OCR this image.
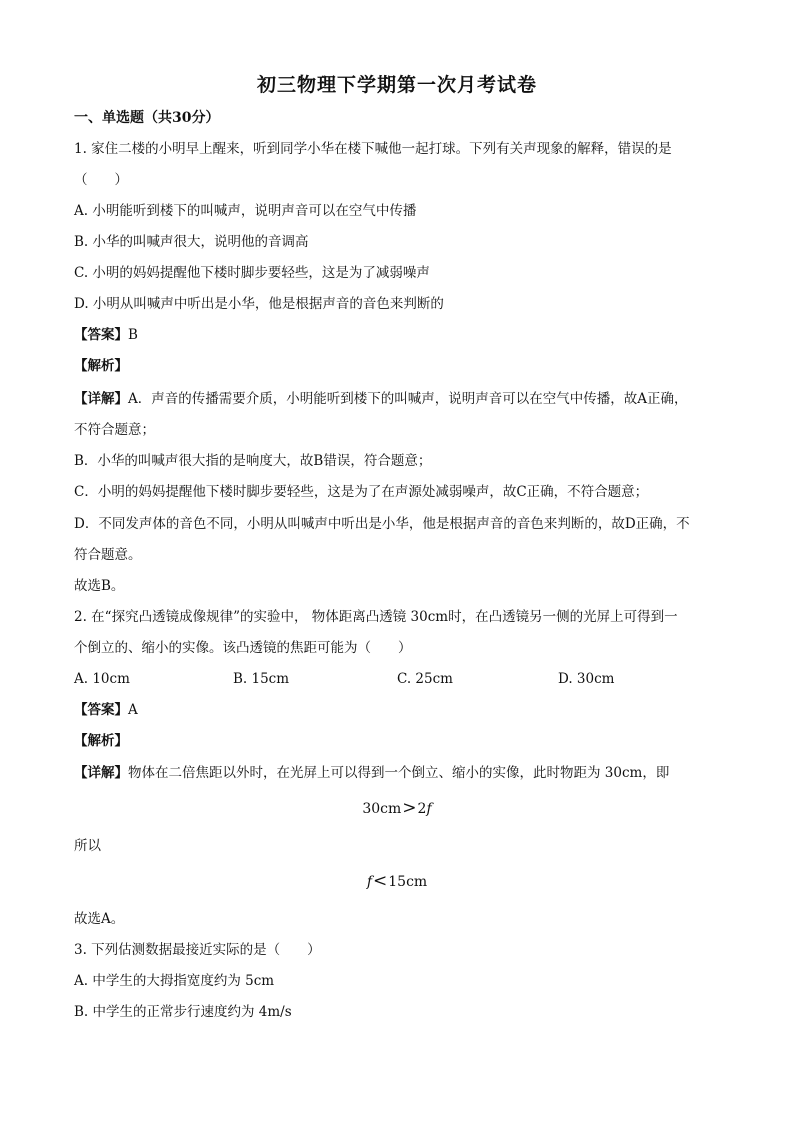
初三物理下学期第一次月考试卷
一、单选题（共30分）
1. 家住二楼的小明早上醒来，听到同学小华在楼下喊他一起打球。下列有关声现象的解释，错误的是
（　　）
A. 小明能听到楼下的叫喊声，说明声音可以在空气中传播
B. 小华的叫喊声很大，说明他的音调高
C. 小明的妈妈提醒他下楼时脚步要轻些，这是为了减弱噪声
D. 小明从叫喊声中听出是小华，他是根据声音的音色来判断的
【答案】B
【解析】
【详解】A．声音的传播需要介质，小明能听到楼下的叫喊声，说明声音可以在空气中传播，故A正确，
不符合题意；
B．小华的叫喊声很大指的是响度大，故B错误，符合题意；
C．小明的妈妈提醒他下楼时脚步要轻些，这是为了在声源处减弱噪声，故C正确，不符合题意；
D．不同发声体的音色不同，小明从叫喊声中听出是小华，他是根据声音的音色来判断的，故D正确，不
符合题意。
故选B。
2. 在“探究凸透镜成像规律”的实验中， 物体距离凸透镜 30cm时，在凸透镜另一侧的光屏上可得到一
个倒立的、缩小的实像。该凸透镜的焦距可能为（　　）
A. 10cm	B. 15cm	C. 25cm	D. 30cm
【答案】A
【解析】
【详解】物体在二倍焦距以外时，在光屏上可以得到一个倒立、缩小的实像，此时物距为 30cm，即
30cm>2f
所以
f<15cm
故选A。
3. 下列估测数据最接近实际的是（　　）
A. 中学生的大拇指宽度约为 5cm
B. 中学生的正常步行速度约为 4m/s
